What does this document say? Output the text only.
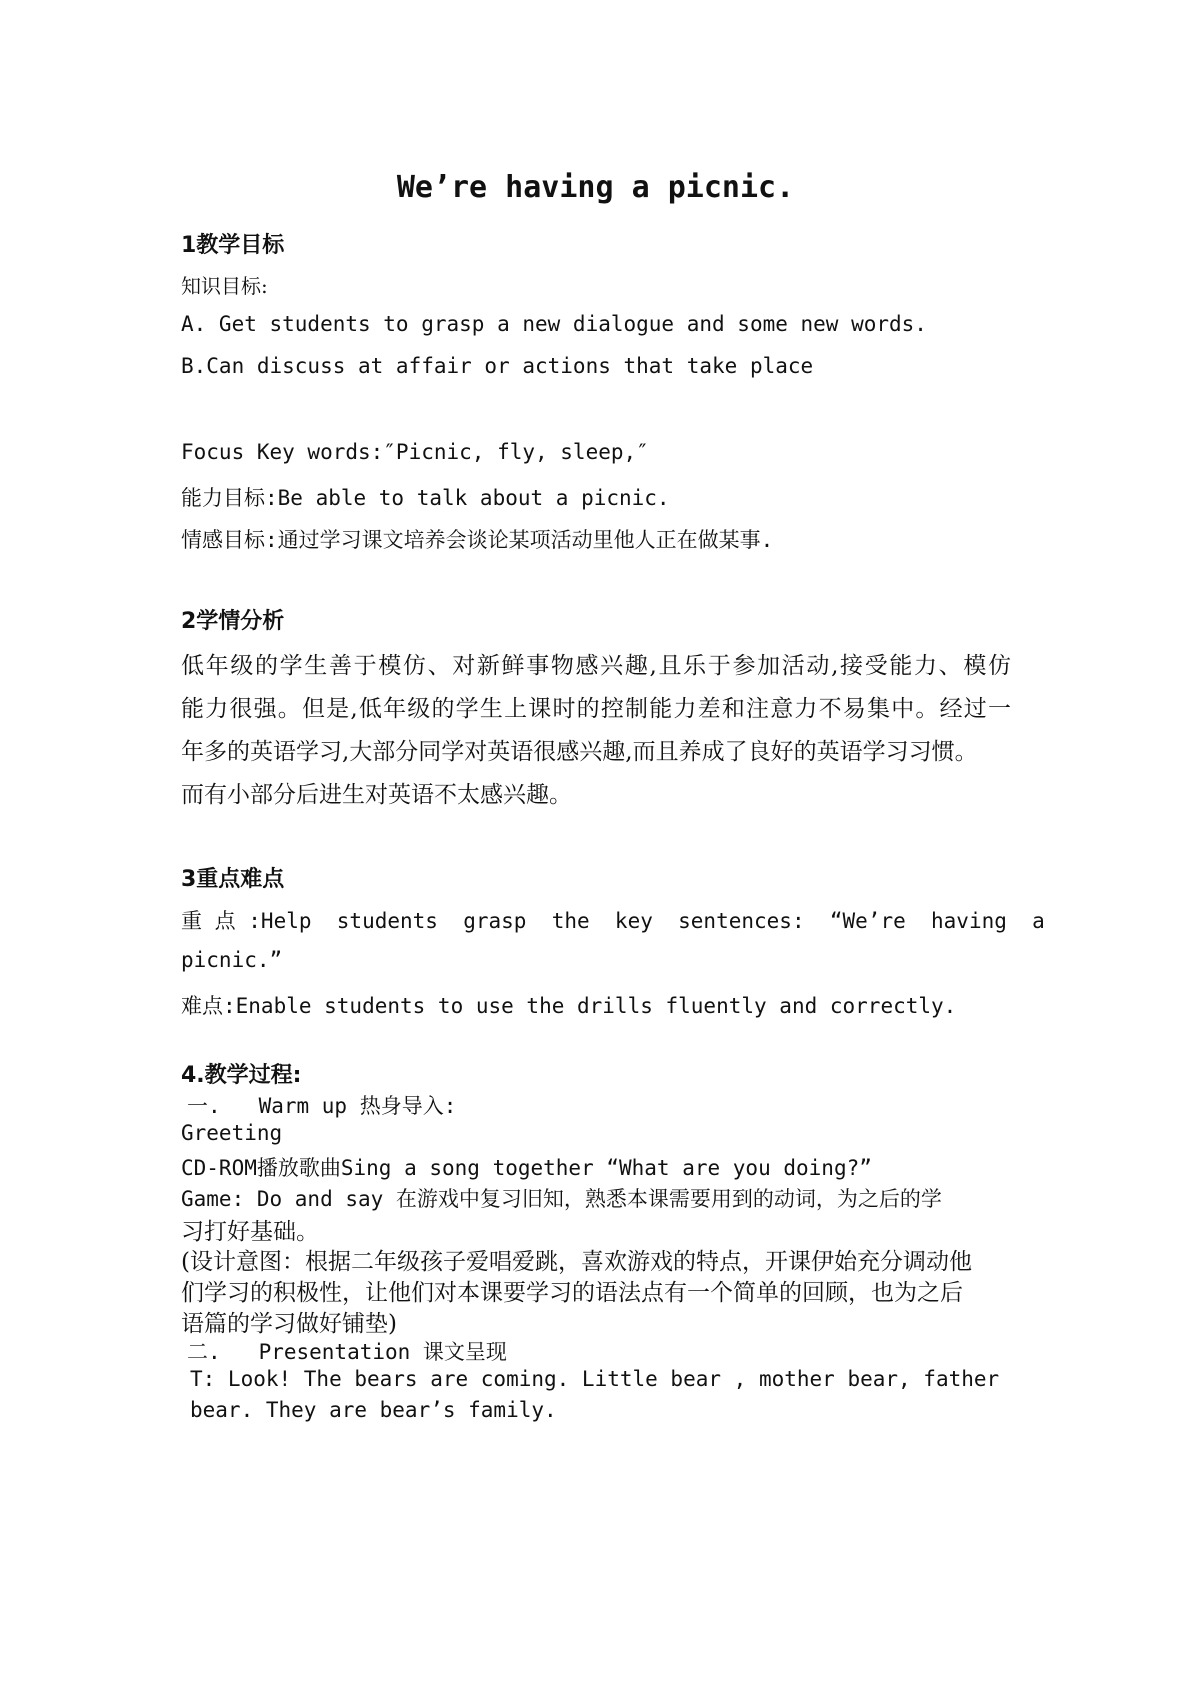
We’re having a picnic.
1教学目标
知识目标:
A. Get students to grasp a new dialogue and some new words.
B.Can discuss at affair or actions that take place
Focus Key words:″Picnic, fly, sleep,″
能力目标:Be able to talk about a picnic.
情感目标:通过学习课文培养会谈论某项活动里他人正在做某事.
2学情分析
低年级的学生善于模仿、对新鲜事物感兴趣,且乐于参加活动,接受能力、模仿
能力很强。但是,低年级的学生上课时的控制能力差和注意力不易集中。经过一
年多的英语学习,大部分同学对英语很感兴趣,而且养成了良好的英语学习习惯。
而有小部分后进生对英语不太感兴趣。
3重点难点
重 点 :Help  students  grasp  the  key  sentences:  “We’re  having  a
picnic.”
难点:Enable students to use the drills fluently and correctly.
4.教学过程:
一.   Warm up 热身导入:
Greeting
CD-ROM播放歌曲Sing a song together “What are you doing?”
Game: Do and say 在游戏中复习旧知，熟悉本课需要用到的动词，为之后的学
习打好基础。
(设计意图：根据二年级孩子爱唱爱跳，喜欢游戏的特点，开课伊始充分调动他
们学习的积极性，让他们对本课要学习的语法点有一个简单的回顾，也为之后
语篇的学习做好铺垫)
二.   Presentation 课文呈现
T: Look! The bears are coming. Little bear , mother bear, father
bear. They are bear’s family.
